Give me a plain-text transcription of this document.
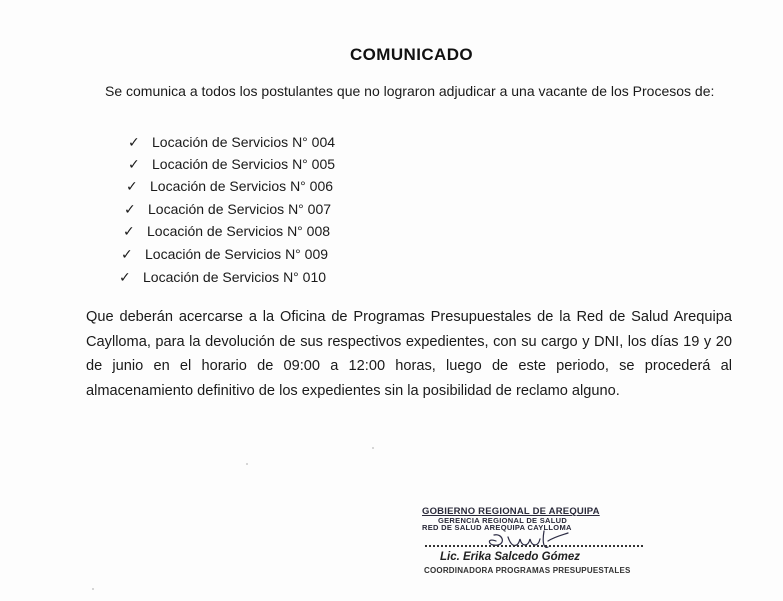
COMUNICADO
Se comunica a todos los postulantes que no lograron adjudicar a una vacante de los Procesos de:
✓ Locación de Servicios N° 004
✓ Locación de Servicios N° 005
✓ Locación de Servicios N° 006
✓ Locación de Servicios N° 007
✓ Locación de Servicios N° 008
✓ Locación de Servicios N° 009
✓ Locación de Servicios N° 010
Que deberán acercarse a la Oficina de Programas Presupuestales de la Red de Salud Arequipa Caylloma, para la devolución de sus respectivos expedientes, con su cargo y DNI, los días 19 y 20 de junio en el horario de 09:00 a 12:00 horas, luego de este periodo, se procederá al almacenamiento definitivo de los expedientes sin la posibilidad de reclamo alguno.
GOBIERNO REGIONAL DE AREQUIPA
GERENCIA REGIONAL DE SALUD
RED DE SALUD AREQUIPA CAYLLOMA
Lic. Erika Salcedo Gómez
COORDINADORA PROGRAMAS PRESUPUESTALES
